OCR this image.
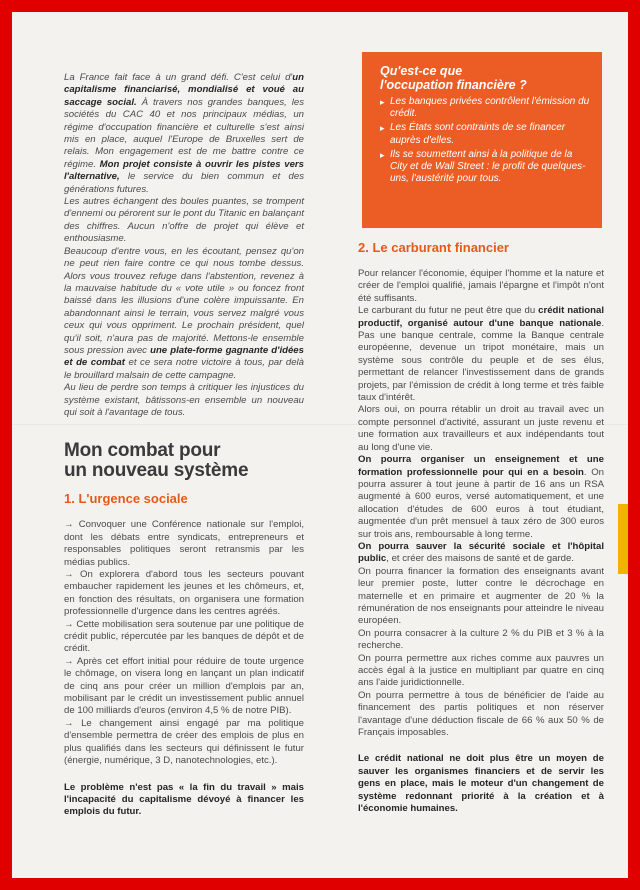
La France fait face à un grand défi. C'est celui d'un capitalisme financiarisé, mondialisé et voué au saccage social. À travers nos grandes banques, les sociétés du CAC 40 et nos principaux médias, un régime d'occupation financière et culturelle s'est ainsi mis en place, auquel l'Europe de Bruxelles sert de relais. Mon engagement est de me battre contre ce régime. Mon projet consiste à ouvrir les pistes vers l'alternative, le service du bien commun et des générations futures.

Les autres échangent des boules puantes, se trompent d'ennemi ou pérorent sur le pont du Titanic en balançant des chiffres. Aucun n'offre de projet qui élève et enthousiasme.

Beaucoup d'entre vous, en les écoutant, pensez qu'on ne peut rien faire contre ce qui nous tombe dessus. Alors vous trouvez refuge dans l'abstention, revenez à la mauvaise habitude du « vote utile » ou foncez front baissé dans les illusions d'une colère impuissante. En abandonnant ainsi le terrain, vous servez malgré vous ceux qui vous oppriment. Le prochain président, quel qu'il soit, n'aura pas de majorité. Mettons-le ensemble sous pression avec une plate-forme gagnante d'idées et de combat et ce sera notre victoire à tous, par delà le brouillard malsain de cette campagne.

Au lieu de perdre son temps à critiquer les injustices du système existant, bâtissons-en ensemble un nouveau qui soit à l'avantage de tous.

Mon combat pour
un nouveau système
1. L'urgence sociale

→ Convoquer une Conférence nationale sur l'emploi, dont les débats entre syndicats, entrepreneurs et responsables politiques seront retransmis par les médias publics.

→ On explorera d'abord tous les secteurs pouvant embaucher rapidement les jeunes et les chômeurs, et, en fonction des résultats, on organisera une formation professionnelle d'urgence dans les centres agréés.

→ Cette mobilisation sera soutenue par une politique de crédit public, répercutée par les banques de dépôt et de crédit.

→ Après cet effort initial pour réduire de toute urgence le chômage, on visera long en lançant un plan indicatif de cinq ans pour créer un million d'emplois par an, mobilisant par le crédit un investissement public annuel de 100 milliards d'euros (environ 4,5 % de notre PIB).

→ Le changement ainsi engagé par ma politique d'ensemble permettra de créer des emplois de plus en plus qualifiés dans les secteurs qui définissent le futur (énergie, numérique, 3 D, nanotechnologies, etc.).

Le problème n'est pas « la fin du travail » mais l'incapacité du capitalisme dévoyé à financer les emplois du futur.

Qu'est-ce que
l'occupation financière ?
▸ Les banques privées contrôlent l'émission du crédit.
▸ Les États sont contraints de se financer auprès d'elles.
▸ Ils se soumettent ainsi à la politique de la City et de Wall Street : le profit de quelques-uns, l'austérité pour tous.
2. Le carburant financier

Pour relancer l'économie, équiper l'homme et la nature et créer de l'emploi qualifié, jamais l'épargne et l'impôt n'ont été suffisants.

Le carburant du futur ne peut être que du crédit national productif, organisé autour d'une banque nationale. Pas une banque centrale, comme la Banque centrale européenne, devenue un tripot monétaire, mais un système sous contrôle du peuple et de ses élus, permettant de relancer l'investissement dans de grands projets, par l'émission de crédit à long terme et très faible taux d'intérêt.

Alors oui, on pourra rétablir un droit au travail avec un compte personnel d'activité, assurant un juste revenu et une formation aux travailleurs et aux indépendants tout au long d'une vie.

On pourra organiser un enseignement et une formation professionnelle pour qui en a besoin. On pourra assurer à tout jeune à partir de 16 ans un RSA augmenté à 600 euros, versé automatiquement, et une allocation d'études de 600 euros à tout étudiant, augmentée d'un prêt mensuel à taux zéro de 300 euros sur trois ans, remboursable à long terme.

On pourra sauver la sécurité sociale et l'hôpital public, et créer des maisons de santé et de garde.

On pourra financer la formation des enseignants avant leur premier poste, lutter contre le décrochage en maternelle et en primaire et augmenter de 20 % la rémunération de nos enseignants pour atteindre le niveau européen.

On pourra consacrer à la culture 2 % du PIB et 3 % à la recherche.

On pourra permettre aux riches comme aux pauvres un accès égal à la justice en multipliant par quatre en cinq ans l'aide juridictionnelle.

On pourra permettre à tous de bénéficier de l'aide au financement des partis politiques et non réserver l'avantage d'une déduction fiscale de 66 % aux 50 % de Français imposables.

Le crédit national ne doit plus être un moyen de sauver les organismes financiers et de servir les gens en place, mais le moteur d'un changement de système redonnant priorité à la création et à l'économie humaines.
